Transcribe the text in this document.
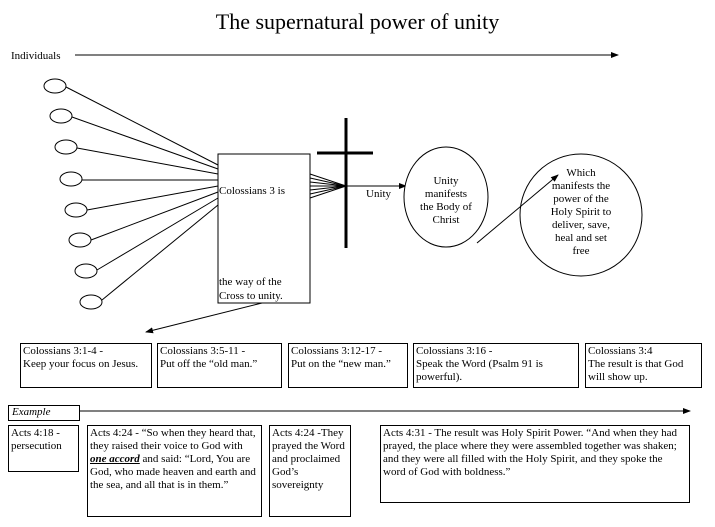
The supernatural power of unity
Individuals
Colossians 3 is
the way of the
Cross to unity.
Unity
Unity
manifests
the Body of
Christ
Which
manifests the
power of the
Holy Spirit to
deliver, save,
heal and set
free
Colossians 3:1-4 -
Keep your focus on Jesus.
Colossians 3:5-11 -
Put off the “old man.”
Colossians 3:12-17 -
Put on the “new man.”
Colossians 3:16 -
Speak the Word (Psalm 91 is powerful).
Colossians 3:4
The result is that God will show up.
Example
Acts 4:18 - persecution
Acts 4:24 - “So when they heard that, they raised their voice to God with one accord and said: “Lord, You are God, who made heaven and earth and the sea, and all that is in them.”
Acts 4:24 -They prayed the Word and proclaimed God’s sovereignty
Acts 4:31 - The result was Holy Spirit Power. “And when they had prayed, the place where they were assembled together was shaken; and they were all filled with the Holy Spirit, and they spoke the word of God with boldness.”
